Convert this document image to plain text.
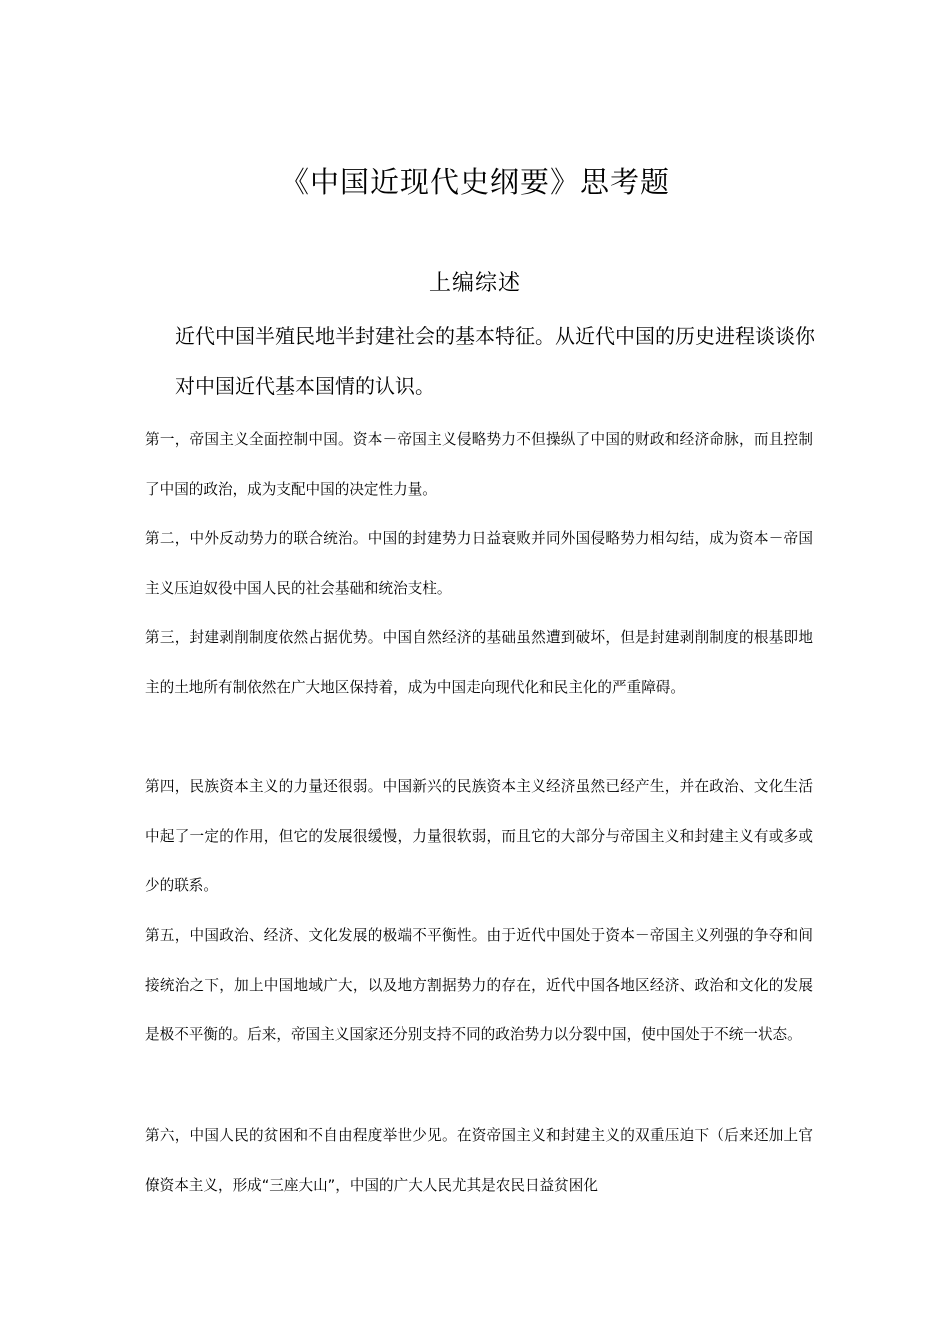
《中国近现代史纲要》思考题
上编综述

近代中国半殖民地半封建社会的基本特征。从近代中国的历史进程谈谈你对中国近代基本国情的认识。

第一，帝国主义全面控制中国。资本－帝国主义侵略势力不但操纵了中国的财政和经济命脉，而且控制了中国的政治，成为支配中国的决定性力量。

第二，中外反动势力的联合统治。中国的封建势力日益衰败并同外国侵略势力相勾结，成为资本－帝国主义压迫奴役中国人民的社会基础和统治支柱。

第三，封建剥削制度依然占据优势。中国自然经济的基础虽然遭到破坏，但是封建剥削制度的根基即地主的土地所有制依然在广大地区保持着，成为中国走向现代化和民主化的严重障碍。

第四，民族资本主义的力量还很弱。中国新兴的民族资本主义经济虽然已经产生，并在政治、文化生活中起了一定的作用，但它的发展很缓慢，力量很软弱，而且它的大部分与帝国主义和封建主义有或多或少的联系。

第五，中国政治、经济、文化发展的极端不平衡性。由于近代中国处于资本－帝国主义列强的争夺和间接统治之下，加上中国地域广大，以及地方割据势力的存在，近代中国各地区经济、政治和文化的发展是极不平衡的。后来，帝国主义国家还分别支持不同的政治势力以分裂中国，使中国处于不统一状态。

第六，中国人民的贫困和不自由程度举世少见。在资帝国主义和封建主义的双重压迫下（后来还加上官僚资本主义，形成“三座大山”，中国的广大人民尤其是农民日益贫困化
